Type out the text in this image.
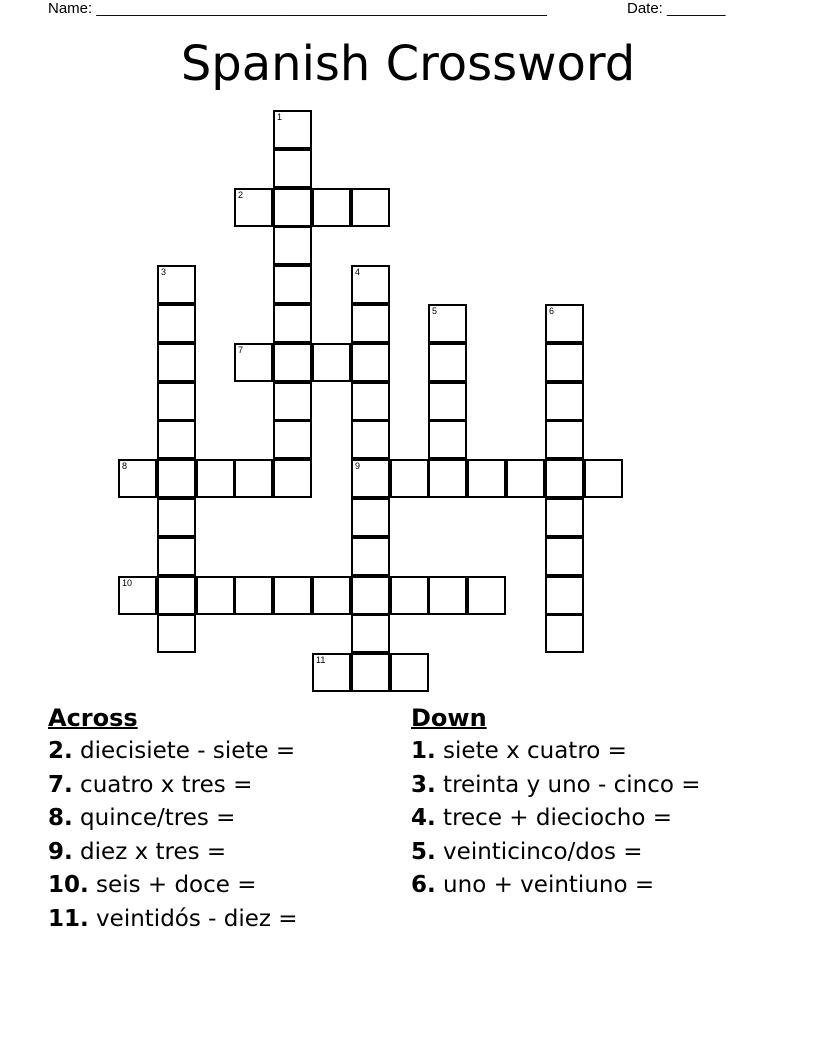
Name: ______________________________________________________	Date: _______
Spanish Crossword
1
2
3	4
9
5	6
7
8
10
11
Across
2. diecisiete - siete =
7. cuatro x tres =
8. quince/tres =
9. diez x tres =
10. seis + doce =
11. veintidós - diez =
Down
1. siete x cuatro =
3. treinta y uno - cinco =
4. trece + dieciocho =
5. veinticinco/dos =
6. uno + veintiuno =
